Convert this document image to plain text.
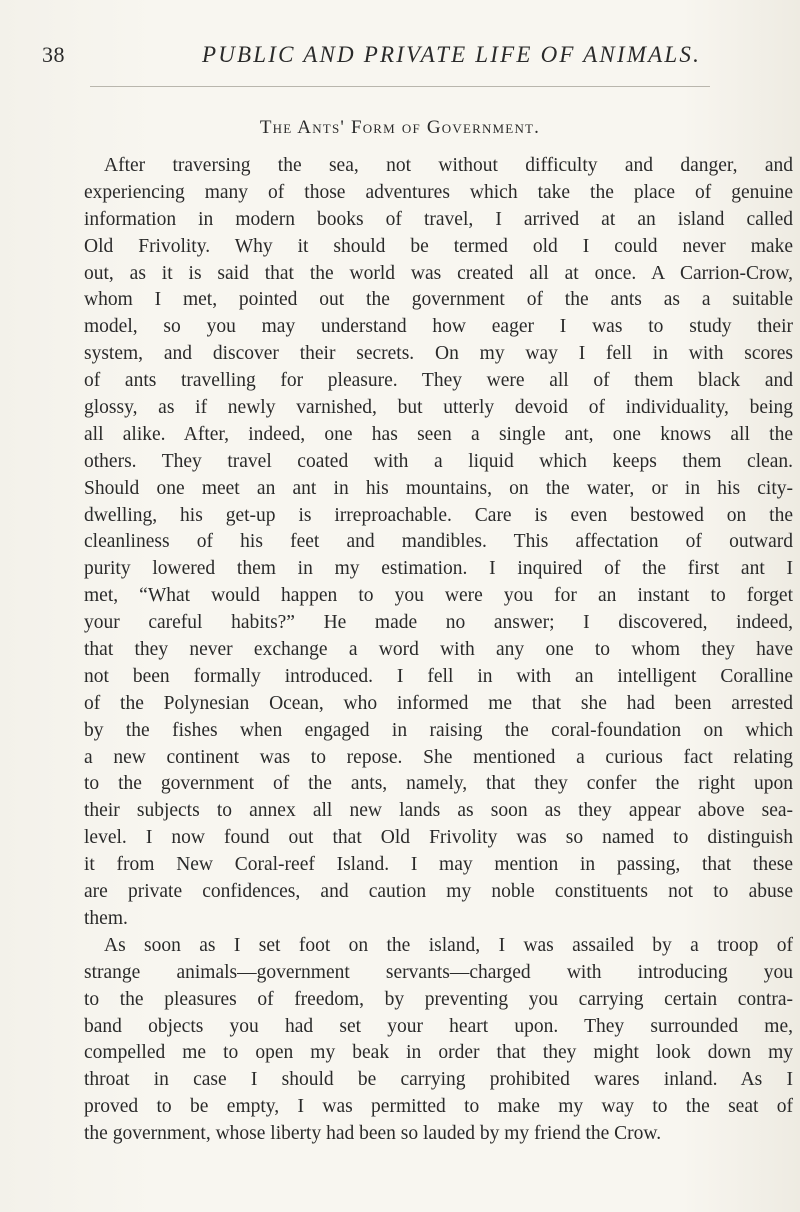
38	PUBLIC AND PRIVATE LIFE OF ANIMALS.
The Ants' Form of Government.
After traversing the sea, not without difficulty and danger, and
experiencing many of those adventures which take the place of genuine
information in modern books of travel, I arrived at an island called
Old Frivolity. Why it should be termed old I could never make
out, as it is said that the world was created all at once. A Carrion-Crow,
whom I met, pointed out the government of the ants as a suitable
model, so you may understand how eager I was to study their
system, and discover their secrets. On my way I fell in with scores
of ants travelling for pleasure. They were all of them black and
glossy, as if newly varnished, but utterly devoid of individuality, being
all alike. After, indeed, one has seen a single ant, one knows all the
others. They travel coated with a liquid which keeps them clean.
Should one meet an ant in his mountains, on the water, or in his city-
dwelling, his get-up is irreproachable. Care is even bestowed on the
cleanliness of his feet and mandibles. This affectation of outward
purity lowered them in my estimation. I inquired of the first ant I
met, “What would happen to you were you for an instant to forget
your careful habits?” He made no answer; I discovered, indeed,
that they never exchange a word with any one to whom they have
not been formally introduced. I fell in with an intelligent Coralline
of the Polynesian Ocean, who informed me that she had been arrested
by the fishes when engaged in raising the coral-foundation on which
a new continent was to repose. She mentioned a curious fact relating
to the government of the ants, namely, that they confer the right upon
their subjects to annex all new lands as soon as they appear above sea-
level. I now found out that Old Frivolity was so named to distinguish
it from New Coral-reef Island. I may mention in passing, that these
are private confidences, and caution my noble constituents not to abuse
them.
As soon as I set foot on the island, I was assailed by a troop of
strange animals—government servants—charged with introducing you
to the pleasures of freedom, by preventing you carrying certain contra-
band objects you had set your heart upon. They surrounded me,
compelled me to open my beak in order that they might look down my
throat in case I should be carrying prohibited wares inland. As I
proved to be empty, I was permitted to make my way to the seat of
the government, whose liberty had been so lauded by my friend the Crow.
